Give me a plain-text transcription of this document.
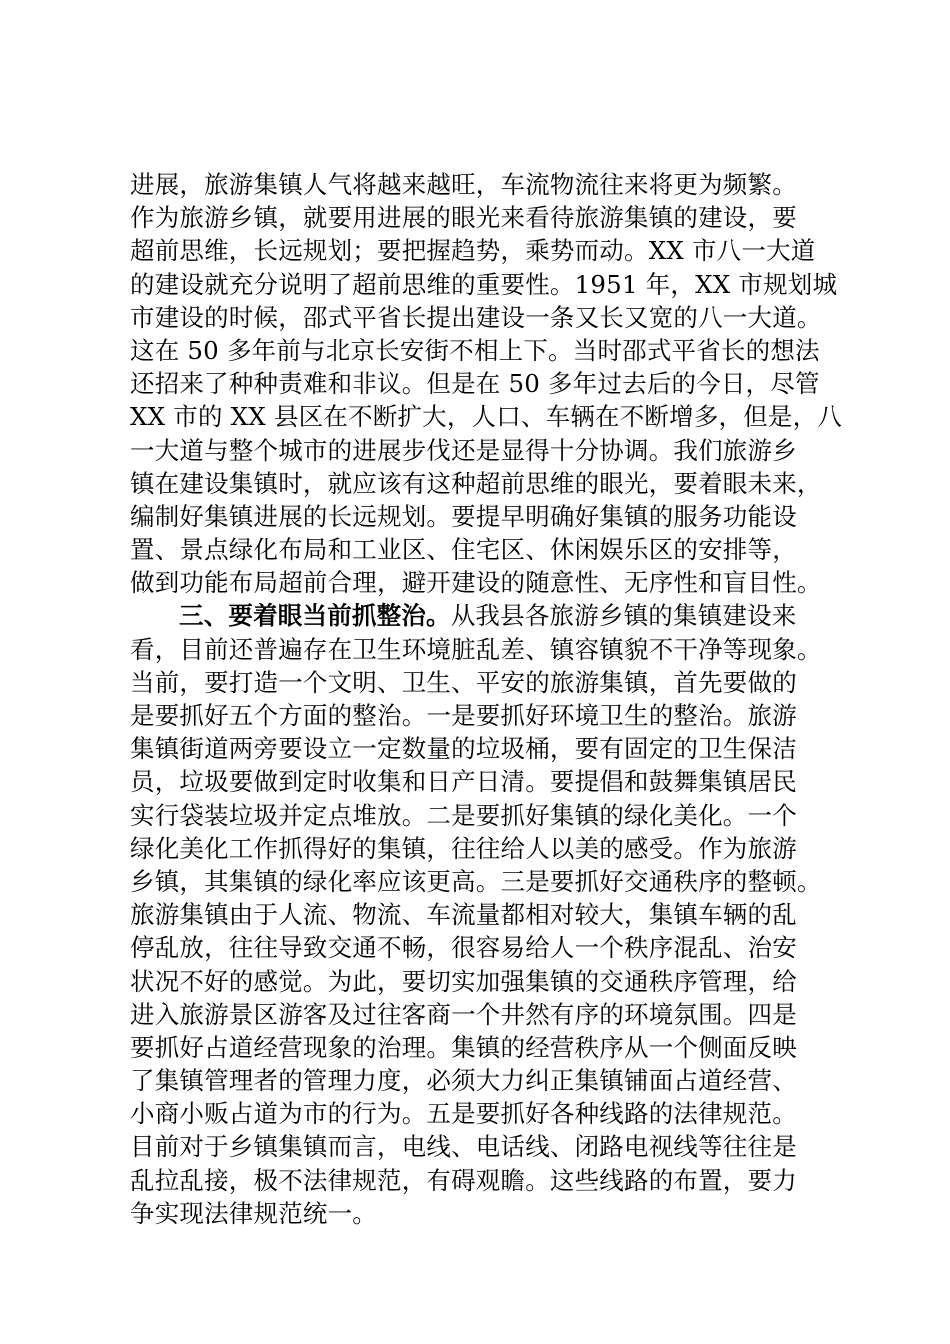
进展，旅游集镇人气将越来越旺，车流物流往来将更为频繁。
作为旅游乡镇，就要用进展的眼光来看待旅游集镇的建设，要
超前思维，长远规划；要把握趋势，乘势而动。XX 市八一大道
的建设就充分说明了超前思维的重要性。1951 年，XX 市规划城
市建设的时候，邵式平省长提出建设一条又长又宽的八一大道。
这在 50 多年前与北京长安街不相上下。当时邵式平省长的想法
还招来了种种责难和非议。但是在 50 多年过去后的今日，尽管
XX 市的 XX 县区在不断扩大，人口、车辆在不断增多，但是，八
一大道与整个城市的进展步伐还是显得十分协调。我们旅游乡
镇在建设集镇时，就应该有这种超前思维的眼光，要着眼未来，
编制好集镇进展的长远规划。要提早明确好集镇的服务功能设
置、景点绿化布局和工业区、住宅区、休闲娱乐区的安排等，
做到功能布局超前合理，避开建设的随意性、无序性和盲目性。
三、要着眼当前抓整治。从我县各旅游乡镇的集镇建设来
看，目前还普遍存在卫生环境脏乱差、镇容镇貌不干净等现象。
当前，要打造一个文明、卫生、平安的旅游集镇，首先要做的
是要抓好五个方面的整治。一是要抓好环境卫生的整治。旅游
集镇街道两旁要设立一定数量的垃圾桶，要有固定的卫生保洁
员，垃圾要做到定时收集和日产日清。要提倡和鼓舞集镇居民
实行袋装垃圾并定点堆放。二是要抓好集镇的绿化美化。一个
绿化美化工作抓得好的集镇，往往给人以美的感受。作为旅游
乡镇，其集镇的绿化率应该更高。三是要抓好交通秩序的整顿。
旅游集镇由于人流、物流、车流量都相对较大，集镇车辆的乱
停乱放，往往导致交通不畅，很容易给人一个秩序混乱、治安
状况不好的感觉。为此，要切实加强集镇的交通秩序管理，给
进入旅游景区游客及过往客商一个井然有序的环境氛围。四是
要抓好占道经营现象的治理。集镇的经营秩序从一个侧面反映
了集镇管理者的管理力度，必须大力纠正集镇铺面占道经营、
小商小贩占道为市的行为。五是要抓好各种线路的法律规范。
目前对于乡镇集镇而言，电线、电话线、闭路电视线等往往是
乱拉乱接，极不法律规范，有碍观瞻。这些线路的布置，要力
争实现法律规范统一。
